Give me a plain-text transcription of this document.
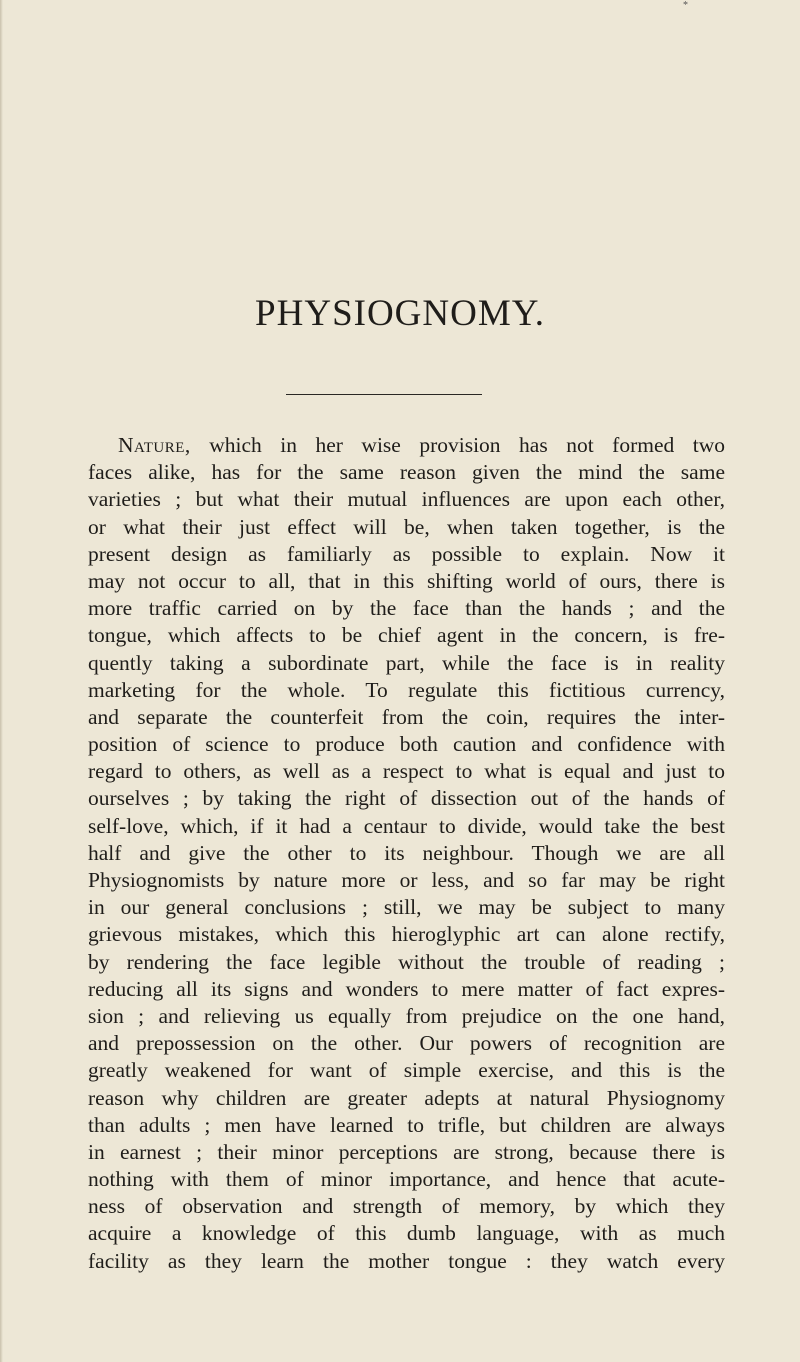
*
PHYSIOGNOMY.
Nature, which in her wise provision has not formed two
faces alike, has for the same reason given the mind the same
varieties ; but what their mutual influences are upon each other,
or what their just effect will be, when taken together, is the
present design as familiarly as possible to explain. Now it
may not occur to all, that in this shifting world of ours, there is
more traffic carried on by the face than the hands ; and the
tongue, which affects to be chief agent in the concern, is fre-
quently taking a subordinate part, while the face is in reality
marketing for the whole. To regulate this fictitious currency,
and separate the counterfeit from the coin, requires the inter-
position of science to produce both caution and confidence with
regard to others, as well as a respect to what is equal and just to
ourselves ; by taking the right of dissection out of the hands of
self-love, which, if it had a centaur to divide, would take the best
half and give the other to its neighbour. Though we are all
Physiognomists by nature more or less, and so far may be right
in our general conclusions ; still, we may be subject to many
grievous mistakes, which this hieroglyphic art can alone rectify,
by rendering the face legible without the trouble of reading ;
reducing all its signs and wonders to mere matter of fact expres-
sion ; and relieving us equally from prejudice on the one hand,
and prepossession on the other. Our powers of recognition are
greatly weakened for want of simple exercise, and this is the
reason why children are greater adepts at natural Physiognomy
than adults ; men have learned to trifle, but children are always
in earnest ; their minor perceptions are strong, because there is
nothing with them of minor importance, and hence that acute-
ness of observation and strength of memory, by which they
acquire a knowledge of this dumb language, with as much
facility as they learn the mother tongue : they watch every
